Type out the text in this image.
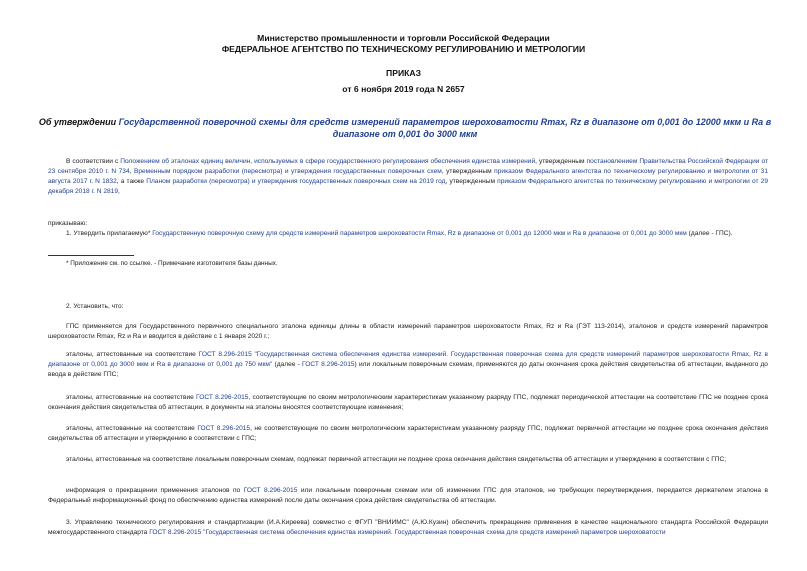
Министерство промышленности и торговли Российской Федерации
ФЕДЕРАЛЬНОЕ АГЕНТСТВО ПО ТЕХНИЧЕСКОМУ РЕГУЛИРОВАНИЮ И МЕТРОЛОГИИ
ПРИКАЗ
от 6 ноября 2019 года N 2657
Об утверждении Государственной поверочной схемы для средств измерений параметров шероховатости Rmax, Rz в диапазоне от 0,001 до 12000 мкм и Ra в диапазоне от 0,001 до 3000 мкм
В соответствии с Положением об эталонах единиц величин, используемых в сфере государственного регулирования обеспечения единства измерений, утвержденным постановлением Правительства Российской Федерации от 23 сентября 2010 г. N 734, Временным порядком разработки (пересмотра) и утверждения государственных поверочных схем, утвержденным приказом Федерального агентства по техническому регулированию и метрологии от 31 августа 2017 г. N 1832, а также Планом разработки (пересмотра) и утверждения государственных поверочных схем на 2019 год, утвержденным приказом Федерального агентства по техническому регулированию и метрологии от 29 декабря 2018 г. N 2819,
приказываю:
1. Утвердить прилагаемую* Государственную поверочную схему для средств измерений параметров шероховатости Rmax, Rz в диапазоне от 0,001 до 12000 мкм и Ra в диапазоне от 0,001 до 3000 мкм (далее - ГПС).
* Приложение см. по ссылке. - Примечание изготовителя базы данных.
2. Установить, что:
ГПС применяется для Государственного первичного специального эталона единицы длины в области измерений параметров шероховатости Rmax, Rz и Ra (ГЭТ 113-2014), эталонов и средств измерений параметров шероховатости Rmax, Rz и Ra и вводится в действие с 1 января 2020 г.;
эталоны, аттестованные на соответствие ГОСТ 8.296-2015 "Государственная система обеспечения единства измерений. Государственная поверочная схема для средств измерений параметров шероховатости Rmax, Rz в диапазоне от 0,001 до 3000 мкм и Ra в диапазоне от 0,001 до 750 мкм" (далее - ГОСТ 8.296-2015) или локальным поверочным схемам, применяются до даты окончания срока действия свидетельства об аттестации, выданного до ввода в действие ГПС;
эталоны, аттестованные на соответствие ГОСТ 8.296-2015, соответствующие по своим метрологическим характеристикам указанному разряду ГПС, подлежат периодической аттестации на соответствие ГПС не позднее срока окончания действия свидетельства об аттестации, в документы на эталоны вносятся соответствующие изменения;
эталоны, аттестованные на соответствие ГОСТ 8.296-2015, не соответствующие по своим метрологическим характеристикам указанному разряду ГПС, подлежат первичной аттестации не позднее срока окончания действия свидетельства об аттестации и утверждению в соответствии с ГПС;
эталоны, аттестованные на соответствие локальным поверочным схемам, подлежат первичной аттестации не позднее срока окончания действия свидетельства об аттестации и утверждению в соответствии с ГПС;
информация о прекращении применения эталонов по ГОСТ 8.296-2015 или локальным поверочным схемам или об изменении ГПС для эталонов, не требующих переутверждения, передается держателем эталона в Федеральный информационный фонд по обеспечению единства измерений после даты окончания срока действия свидетельства об аттестации.
3. Управлению технического регулирования и стандартизации (И.А.Киреева) совместно с ФГУП "ВНИИМС" (А.Ю.Кузин) обеспечить прекращение применения в качестве национального стандарта Российской Федерации межгосударственного стандарта ГОСТ 8.296-2015 "Государственная система обеспечения единства измерений. Государственная поверочная схема для средств измерений параметров шероховатости
